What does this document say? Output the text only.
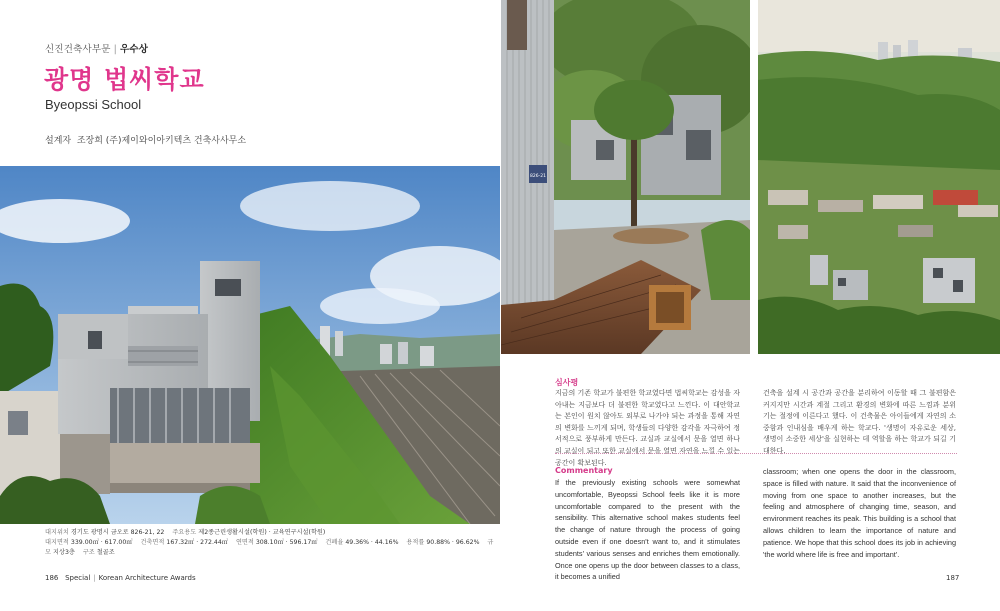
신진건축사부문 | 우수상
광명 법씨학교
Byeopssi School
설계자 조장희 (주)제이와이아키텍츠 건축사사무소
826-21
대지위치 경기도 광명시 금오로 826-21, 22 주요용도 제2종근린생활시설(학원) · 교육연구시설(학원)
대지면적 339.00㎡ · 617.00㎡ 건축면적 167.32㎡ · 272.44㎡ 연면적 308.10㎡ · 596.17㎡ 건폐율 49.36% · 44.16% 용적률 90.88% · 96.62% 규모 지상3층 구조 철골조
심사평
지금의 기존 학교가 불편한 학교였다면 법씨학교는 감성을 자아내는 지금보다 더 불편한 학교였다고 느낀다. 이 대안학교는 본인이 원치 않아도 외부로 나가야 되는 과정을 통해 자연의 변화를 느끼게 되며, 학생들의 다양한 감각을 자극하여 정서적으로 풍부하게 만든다. 교실과 교실에서 문을 열면 하나의 교실이 되고 또한 교실에서 문을 열면 자연을 느낄 수 있는 공간이 확보된다.
건축을 설계 시 공간과 공간을 분리하여 이동할 때 그 불편함은 커지지만 시간과 계절 그리고 환경의 변화에 따른 느낌과 분위기는 절정에 이른다고 했다. 이 건축물은 아이들에게 자연의 소중함과 인내심을 배우게 하는 학교다. '생명이 자유로운 세상, 생명이 소중한 세상'을 실현하는 데 역할을 하는 학교가 되길 기대한다.
Commentary
If the previously existing schools were somewhat uncomfortable, Byeopssi School feels like it is more uncomfortable compared to the present with the sensibility. This alternative school makes students feel the change of nature through the process of going outside even if one doesn't want to, and it stimulates students' various senses and enriches them emotionally. Once one opens up the door between classes to a class, it becomes a unified
classroom; when one opens the door in the classroom, space is filled with nature. It said that the inconvenience of moving from one space to another increases, but the feeling and atmosphere of changing time, season, and environment reaches its peak. This building is a school that allows children to learn the importance of nature and patience. We hope that this school does its job in achieving 'the world where life is free and important'.
186 Special | Korean Architecture Awards	187
